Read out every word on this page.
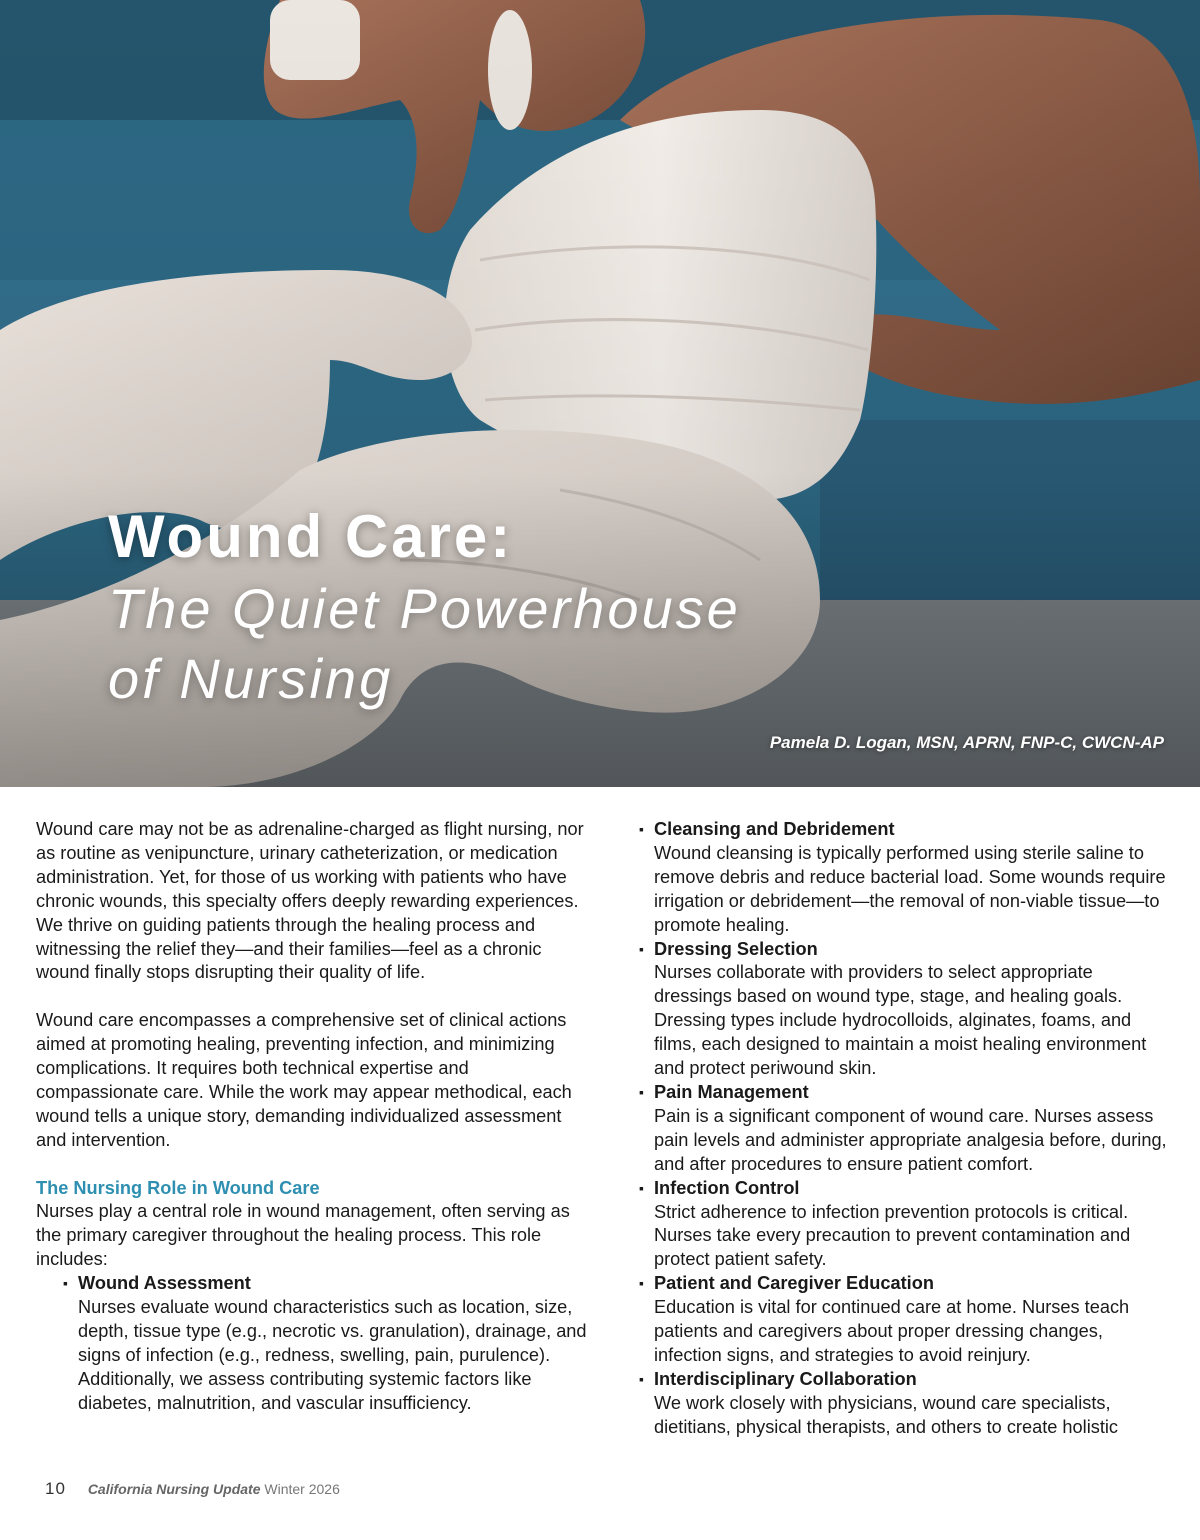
Wound Care:
The Quiet Powerhouse
of Nursing
Pamela D. Logan, MSN, APRN, FNP-C, CWCN-AP

Wound care may not be as adrenaline-charged as flight nursing, nor as routine as venipuncture, urinary catheterization, or medication administration. Yet, for those of us working with patients who have chronic wounds, this specialty offers deeply rewarding experiences. We thrive on guiding patients through the healing process and witnessing the relief they—and their families—feel as a chronic wound finally stops disrupting their quality of life.

Wound care encompasses a comprehensive set of clinical actions aimed at promoting healing, preventing infection, and minimizing complications. It requires both technical expertise and compassionate care. While the work may appear methodical, each wound tells a unique story, demanding individualized assessment and intervention.

The Nursing Role in Wound Care
Nurses play a central role in wound management, often serving as the primary caregiver throughout the healing process. This role includes:
▪ Wound Assessment
Nurses evaluate wound characteristics such as location, size, depth, tissue type (e.g., necrotic vs. granulation), drainage, and signs of infection (e.g., redness, swelling, pain, purulence). Additionally, we assess contributing systemic factors like diabetes, malnutrition, and vascular insufficiency.
▪ Cleansing and Debridement
Wound cleansing is typically performed using sterile saline to remove debris and reduce bacterial load. Some wounds require irrigation or debridement—the removal of non-viable tissue—to promote healing.
▪ Dressing Selection
Nurses collaborate with providers to select appropriate dressings based on wound type, stage, and healing goals. Dressing types include hydrocolloids, alginates, foams, and films, each designed to maintain a moist healing environment and protect periwound skin.
▪ Pain Management
Pain is a significant component of wound care. Nurses assess pain levels and administer appropriate analgesia before, during, and after procedures to ensure patient comfort.
▪ Infection Control
Strict adherence to infection prevention protocols is critical. Nurses take every precaution to prevent contamination and protect patient safety.
▪ Patient and Caregiver Education
Education is vital for continued care at home. Nurses teach patients and caregivers about proper dressing changes, infection signs, and strategies to avoid reinjury.
▪ Interdisciplinary Collaboration
We work closely with physicians, wound care specialists, dietitians, physical therapists, and others to create holistic
10 California Nursing Update Winter 2026
